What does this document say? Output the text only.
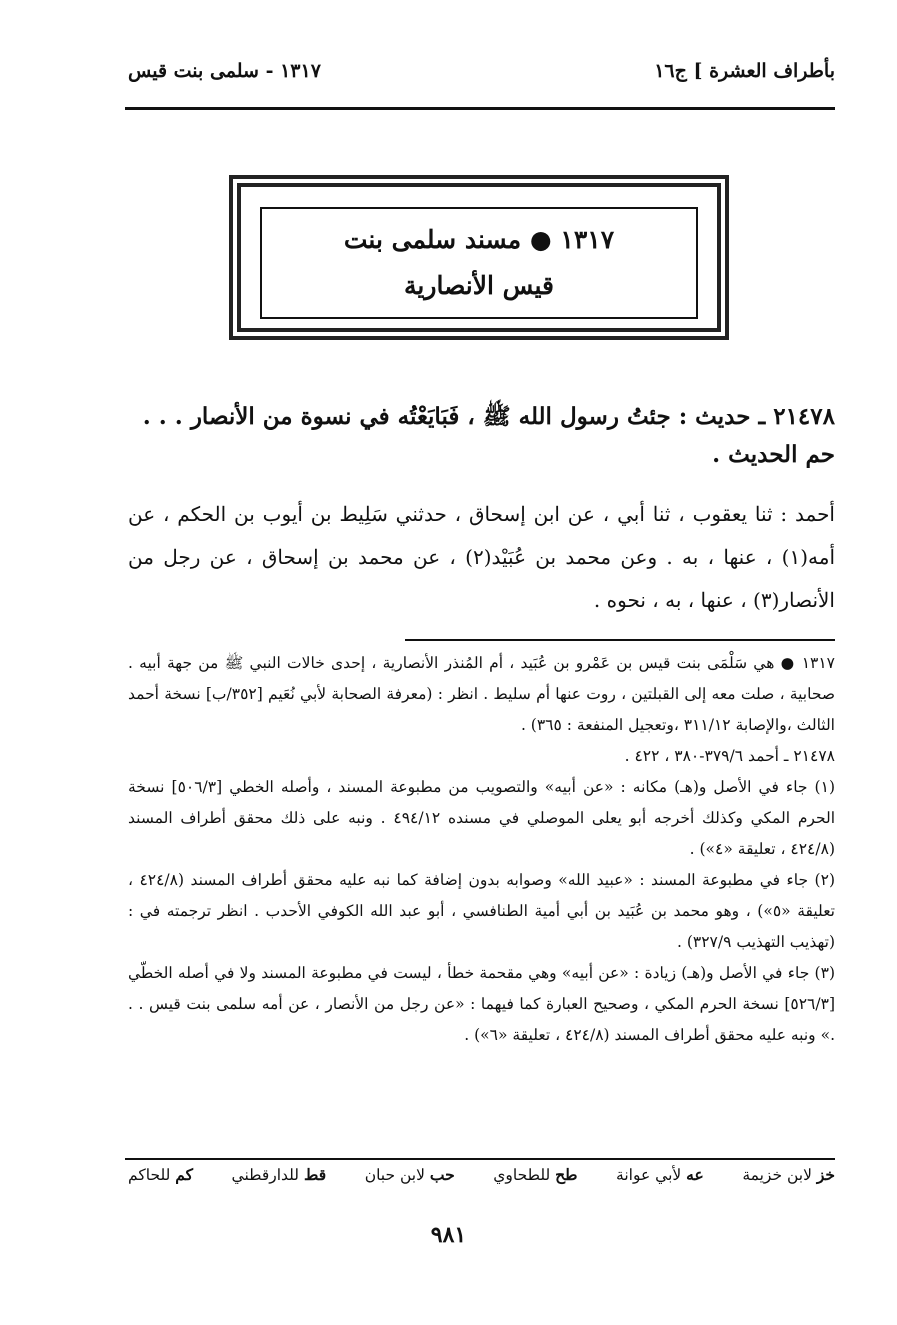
بأطراف العشرة ] ج١٦
١٣١٧ - سلمى بنت قيس
١٣١٧ ● مسند سلمى بنت
قيس الأنصارية
٢١٤٧٨ ـ حديث : جئتُ رسول الله ﷺ ، فَبَايَعْتُه في نسوة من الأنصار . . . حم الحديث .
أحمد : ثنا يعقوب ، ثنا أبي ، عن ابن إسحاق ، حدثني سَلِيط بن أيوب بن الحكم ، عن أمه(١) ، عنها ، به . وعن محمد بن عُبَيْد(٢) ، عن محمد بن إسحاق ، عن رجل من الأنصار(٣) ، عنها ، به ، نحوه .

١٣١٧ ● هي سَلْمَى بنت قيس بن عَمْرو بن عُبَيد ، أم المُنذر الأنصارية ، إحدى خالات النبي ﷺ من جهة أبيه . صحابية ، صلت معه إلى القبلتين ، روت عنها أم سليط . انظر : (معرفة الصحابة لأبي نُعَيم [٣٥٢/ب] نسخة أحمد الثالث ،والإصابة ٣١١/١٢ ،وتعجيل المنفعة : ٣٦٥) .

٢١٤٧٨ ـ أحمد ٣٧٩/٦-٣٨٠ ، ٤٢٢ .

(١) جاء في الأصل و(هـ) مكانه : «عن أبيه» والتصويب من مطبوعة المسند ، وأصله الخطي [٥٠٦/٣] نسخة الحرم المكي وكذلك أخرجه أبو يعلى الموصلي في مسنده ٤٩٤/١٢ . ونبه على ذلك محقق أطراف المسند (٤٢٤/٨ ، تعليقة «٤») .

(٢) جاء في مطبوعة المسند : «عبيد الله» وصوابه بدون إضافة كما نبه عليه محقق أطراف المسند (٤٢٤/٨ ، تعليقة «٥») ، وهو محمد بن عُبَيد بن أبي أمية الطنافسي ، أبو عبد الله الكوفي الأحدب . انظر ترجمته في : (تهذيب التهذيب ٣٢٧/٩) .

(٣) جاء في الأصل و(هـ) زيادة : «عن أبيه» وهي مقحمة خطأ ، ليست في مطبوعة المسند ولا في أصله الخطّي [٥٢٦/٣] نسخة الحرم المكي ، وصحيح العبارة كما فيهما : «عن رجل من الأنصار ، عن أمه سلمى بنت قيس . . .» ونبه عليه محقق أطراف المسند (٤٢٤/٨ ، تعليقة «٦») .

خز لابن خزيمة
عه لأبي عوانة
طح للطحاوي
حب لابن حبان
قط للدارقطني
كم للحاكم
٩٨١
